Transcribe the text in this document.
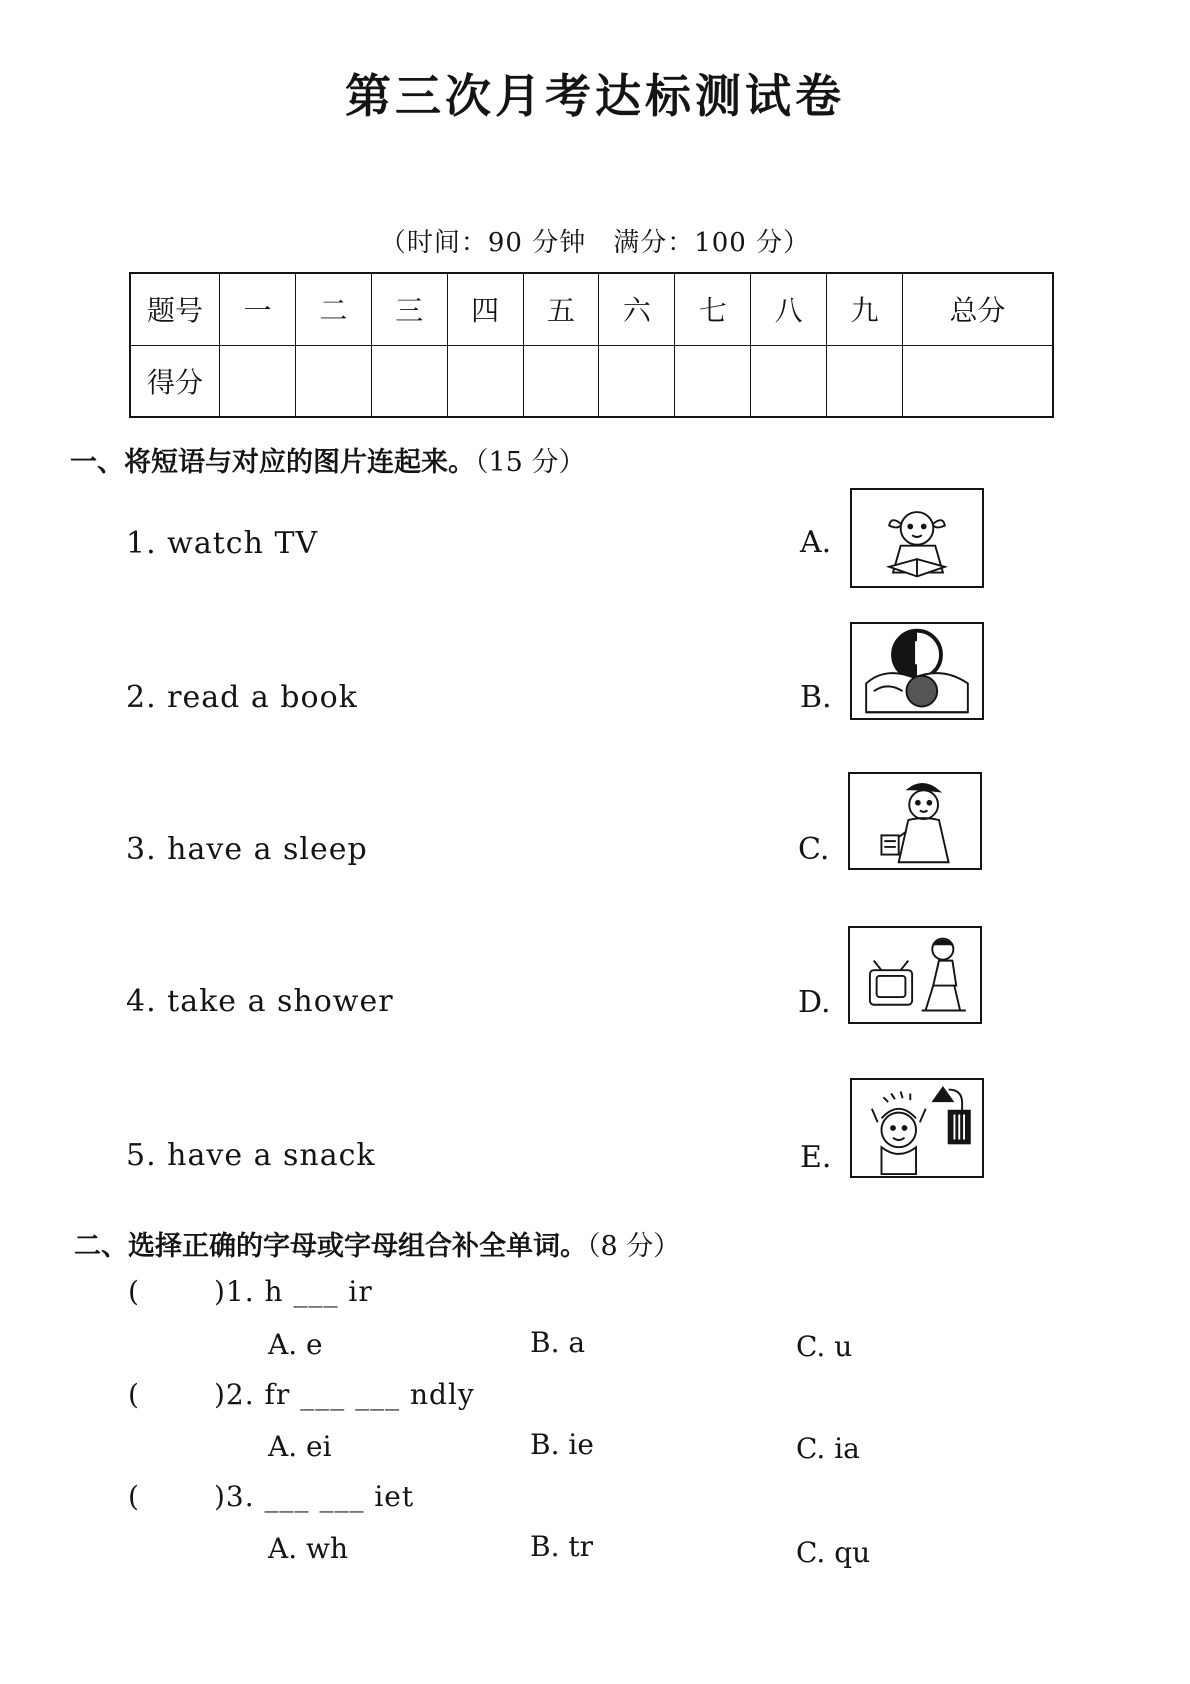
第三次月考达标测试卷
（时间：90 分钟　满分：100 分）
题号	一	二	三	四	五	六	七	八	九	总分
得分										
一、将短语与对应的图片连起来。（15 分）
1. watch TV
2. read a book
3. have a sleep
4. take a shower
5. have a snack
A.
B.
C.
D.
E.
二、选择正确的字母或字母组合补全单词。（8 分）
(	)1. h ___ ir
A. e	B. a	C. u
(	)2. fr ___ ___ ndly
A. ei	B. ie	C. ia
(	)3. ___ ___ iet
A. wh	B. tr	C. qu
